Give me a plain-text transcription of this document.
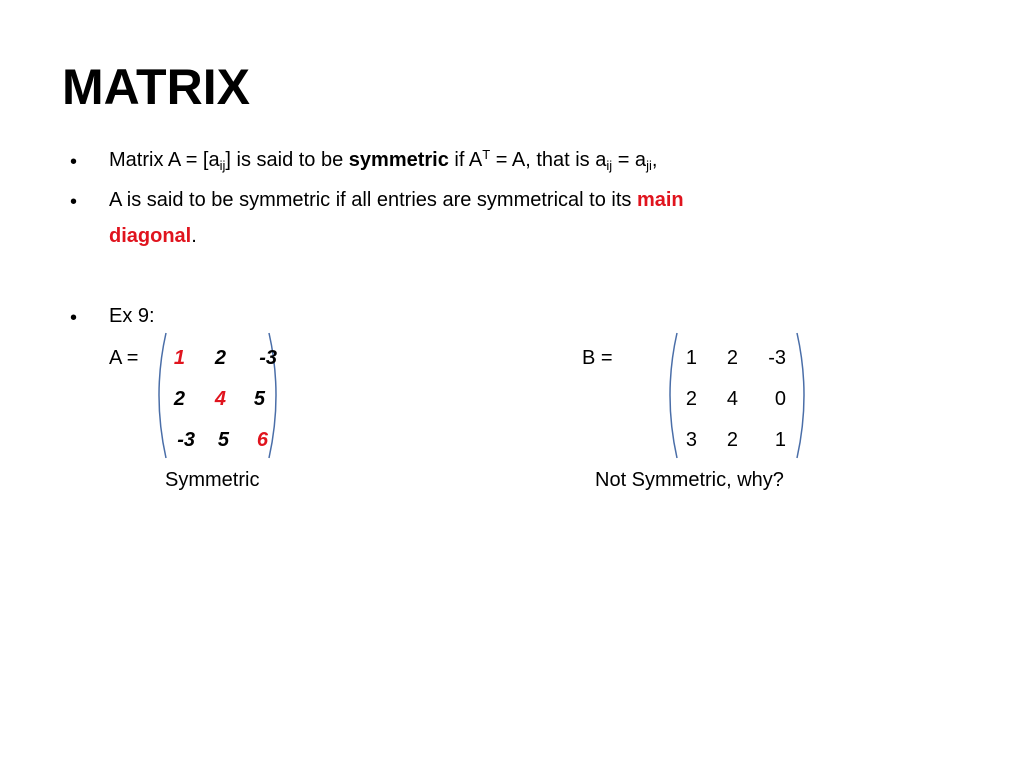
MATRIX
• Matrix $A = [a_{ij}]$ is said to be symmetric if $A^T = A$, that is $a_{ij} = a_{ji}$,
• A is said to be symmetric if all entries are symmetrical to its main
diagonal.
• Ex 9:
A =	1	2	-3
2	4	5
-3	5	6
Symmetric
B =	1	2	-3
2	4	0
3	2	1
Not Symmetric, why?
